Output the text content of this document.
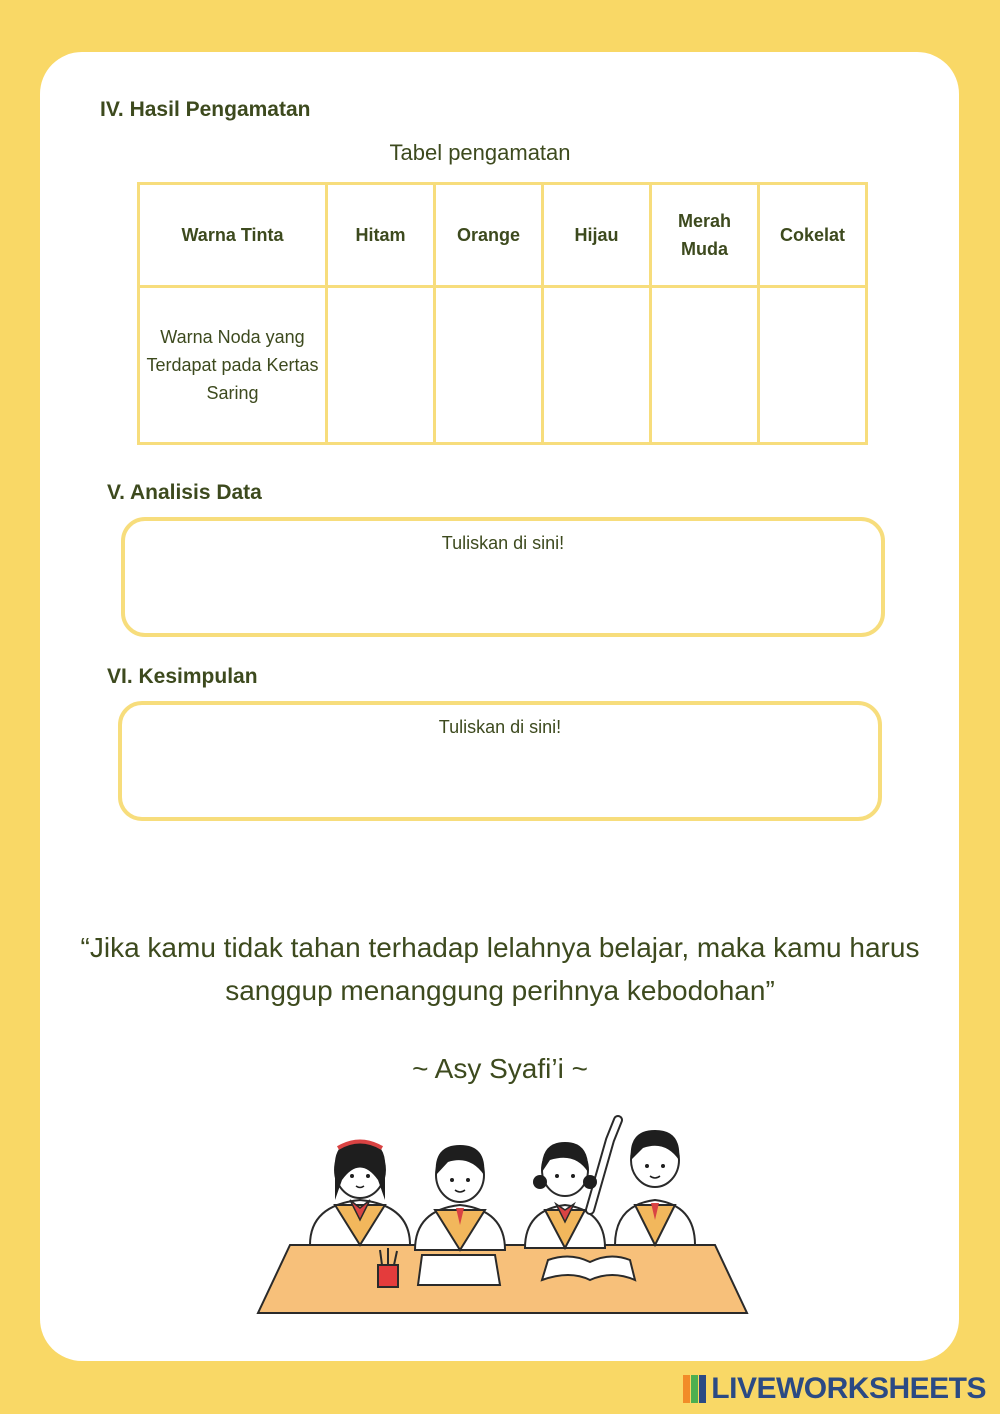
IV. Hasil Pengamatan
Tabel pengamatan
Warna Tinta	Hitam	Orange	Hijau	Merah Muda	Cokelat
Warna Noda yang Terdapat pada Kertas Saring					
V. Analisis Data
Tuliskan di sini!
VI. Kesimpulan
Tuliskan di sini!
“Jika kamu tidak tahan terhadap lelahnya belajar, maka kamu harus sanggup menanggung perihnya kebodohan”
~ Asy Syafi’i ~
LIVEWORKSHEETS
